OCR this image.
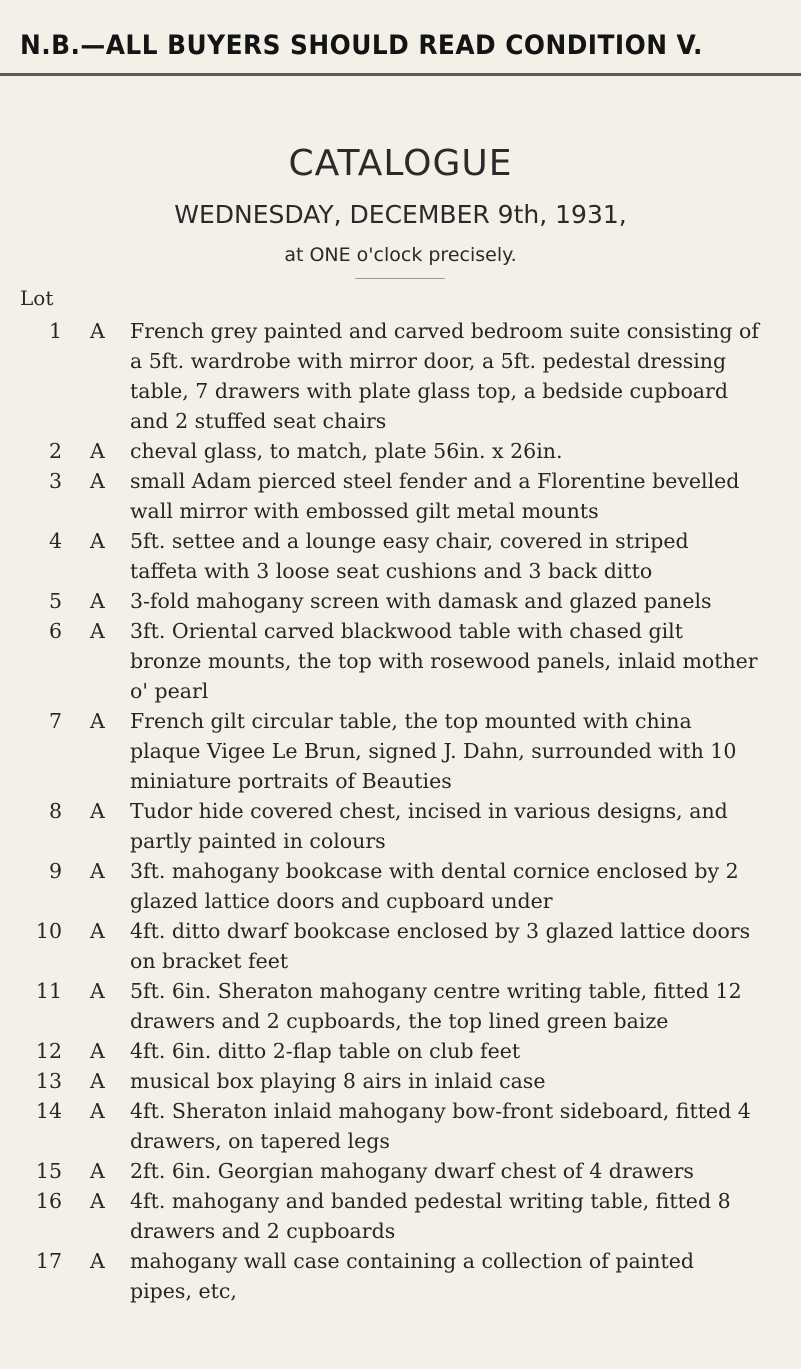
N.B.—ALL BUYERS SHOULD READ CONDITION V.
CATALOGUE
WEDNESDAY, DECEMBER 9th, 1931,
at ONE o'clock precisely.
Lot
1 A French grey painted and carved bedroom suite consisting of a 5ft. wardrobe with mirror door, a 5ft. pedestal dressing table, 7 drawers with plate glass top, a bedside cupboard and 2 stuffed seat chairs
2 A cheval glass, to match, plate 56in. x 26in.
3 A small Adam pierced steel fender and a Florentine bevelled wall mirror with embossed gilt metal mounts
4 A 5ft. settee and a lounge easy chair, covered in striped taffeta with 3 loose seat cushions and 3 back ditto
5 A 3-fold mahogany screen with damask and glazed panels
6 A 3ft. Oriental carved blackwood table with chased gilt bronze mounts, the top with rosewood panels, inlaid mother o' pearl
7 A French gilt circular table, the top mounted with china plaque Vigee Le Brun, signed J. Dahn, surrounded with 10 miniature portraits of Beauties
8 A Tudor hide covered chest, incised in various designs, and partly painted in colours
9 A 3ft. mahogany bookcase with dental cornice enclosed by 2 glazed lattice doors and cupboard under
10 A 4ft. ditto dwarf bookcase enclosed by 3 glazed lattice doors on bracket feet
11 A 5ft. 6in. Sheraton mahogany centre writing table, fitted 12 drawers and 2 cupboards, the top lined green baize
12 A 4ft. 6in. ditto 2-flap table on club feet
13 A musical box playing 8 airs in inlaid case
14 A 4ft. Sheraton inlaid mahogany bow-front sideboard, fitted 4 drawers, on tapered legs
15 A 2ft. 6in. Georgian mahogany dwarf chest of 4 drawers
16 A 4ft. mahogany and banded pedestal writing table, fitted 8 drawers and 2 cupboards
17 A mahogany wall case containing a collection of painted pipes, etc,
